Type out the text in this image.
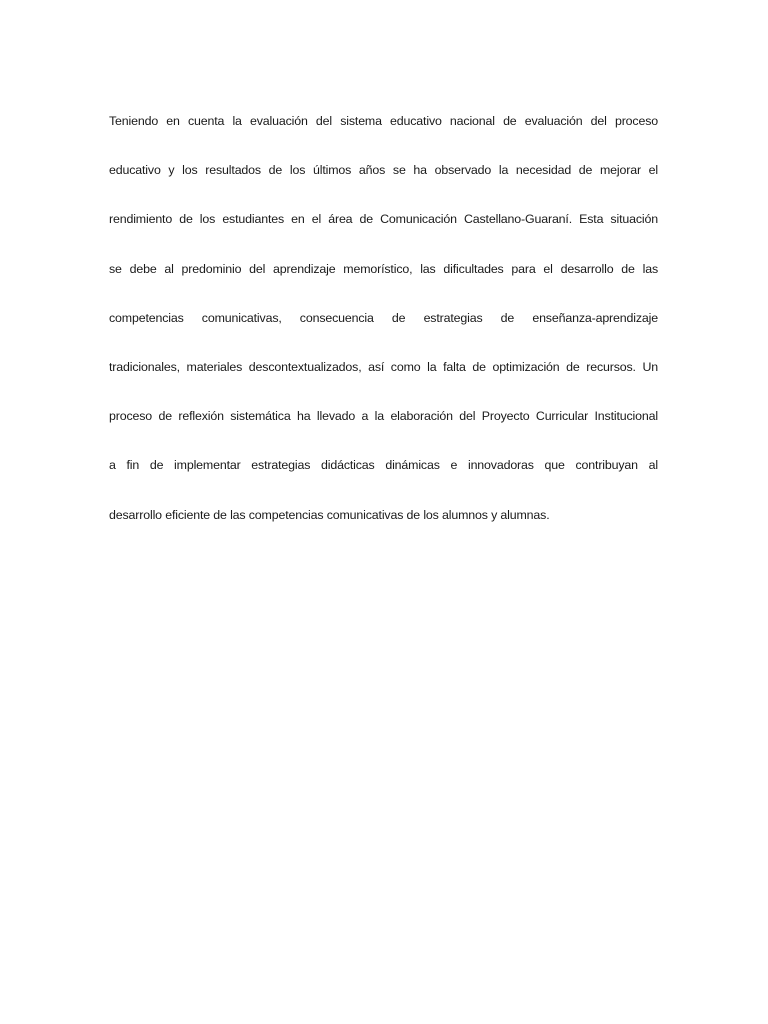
Teniendo en cuenta la evaluación del sistema educativo nacional de evaluación del proceso
educativo y los resultados de los últimos años se ha observado la necesidad de mejorar el
rendimiento de los estudiantes en el área de Comunicación Castellano-Guaraní. Esta situación
se debe al predominio del aprendizaje memorístico, las dificultades para el desarrollo de las
competencias comunicativas, consecuencia de estrategias de enseñanza-aprendizaje
tradicionales, materiales descontextualizados, así como la falta de optimización de recursos. Un
proceso de reflexión sistemática ha llevado a la elaboración del Proyecto Curricular Institucional
a fin de implementar estrategias didácticas dinámicas e innovadoras que contribuyan al
desarrollo eficiente de las competencias comunicativas de los alumnos y alumnas.
